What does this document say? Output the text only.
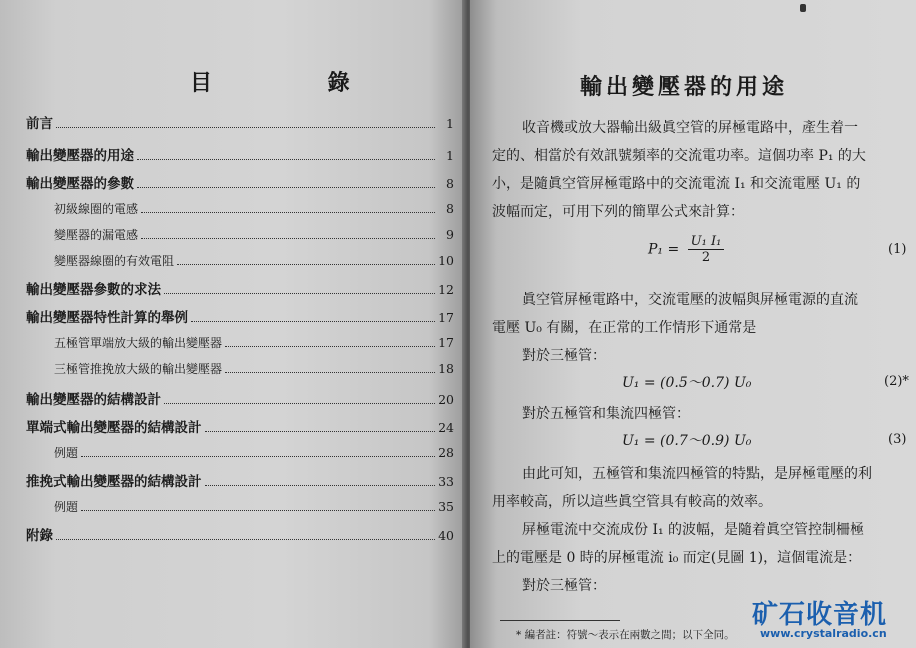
目 錄
前言	1
輸出變壓器的用途	1
輸出變壓器的參數	8
初級線圈的電感	8
變壓器的漏電感	9
變壓器線圈的有效電阻	10
輸出變壓器參數的求法	12
輸出變壓器特性計算的舉例	17
五極管單端放大級的輸出變壓器	17
三極管推挽放大級的輸出變壓器	18
輸出變壓器的結構設計	20
單端式輸出變壓器的結構設計	24
例題	28
推挽式輸出變壓器的結構設計	33
例題	35
附錄	40
輸出變壓器的用途
收音機或放大器輸出級眞空管的屏極電路中，產生着一
定的、相當於有效訊號頻率的交流電功率。這個功率 P₁ 的大
小，是隨眞空管屏極電路中的交流電流 I₁ 和交流電壓 U₁ 的
波幅而定，可用下列的簡單公式來計算：
$P_1 = \frac{\text{U₁ I₁}}{2}$	(1)
眞空管屏極電路中，交流電壓的波幅與屏極電源的直流
電壓 U₀ 有關，在正常的工作情形下通常是
對於三極管：
U₁ = (0.5～0.7) U₀	(2)*
對於五極管和集流四極管：
U₁ = (0.7～0.9) U₀	(3)
由此可知，五極管和集流四極管的特點，是屏極電壓的利
用率較高，所以這些眞空管具有較高的效率。
屏極電流中交流成份 I₁ 的波幅，是隨着眞空管控制柵極
上的電壓是 0 時的屏極電流 i₀ 而定(見圖 1)，這個電流是：
對於三極管：
* 編者註：符號～表示在兩數之間；以下全同。
矿石收音机
www.crystalradio.cn
